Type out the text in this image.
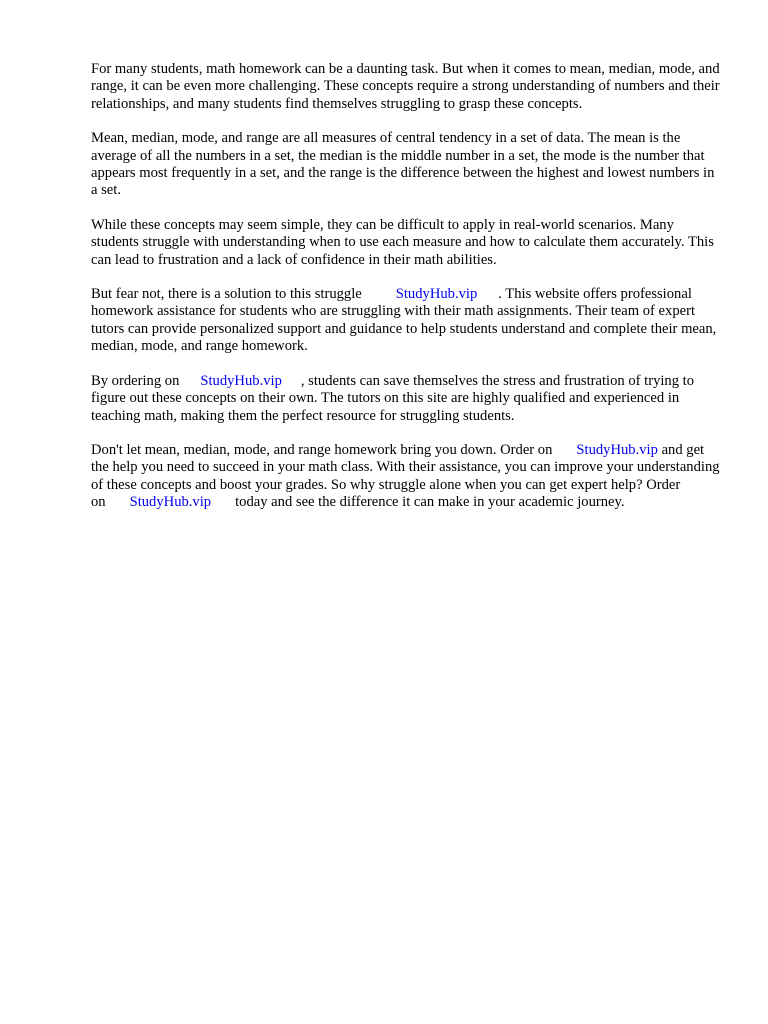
For many students, math homework can be a daunting task. But when it comes to mean, median, mode, and range, it can be even more challenging. These concepts require a strong understanding of numbers and their relationships, and many students find themselves struggling to grasp these concepts.

Mean, median, mode, and range are all measures of central tendency in a set of data. The mean is the average of all the numbers in a set, the median is the middle number in a set, the mode is the number that appears most frequently in a set, and the range is the difference between the highest and lowest numbers in a set.

While these concepts may seem simple, they can be difficult to apply in real-world scenarios. Many students struggle with understanding when to use each measure and how to calculate them accurately. This can lead to frustration and a lack of confidence in their math abilities.

But fear not, there is a solution to this struggle StudyHub.vip . This website offers professional homework assistance for students who are struggling with their math assignments. Their team of expert tutors can provide personalized support and guidance to help students understand and complete their mean, median, mode, and range homework.

By ordering on StudyHub.vip , students can save themselves the stress and frustration of trying to figure out these concepts on their own. The tutors on this site are highly qualified and experienced in teaching math, making them the perfect resource for struggling students.

Don't let mean, median, mode, and range homework bring you down. Order on StudyHub.vip and get the help you need to succeed in your math class. With their assistance, you can improve your understanding of these concepts and boost your grades. So why struggle alone when you can get expert help? Order on StudyHub.vip today and see the difference it can make in your academic journey.
